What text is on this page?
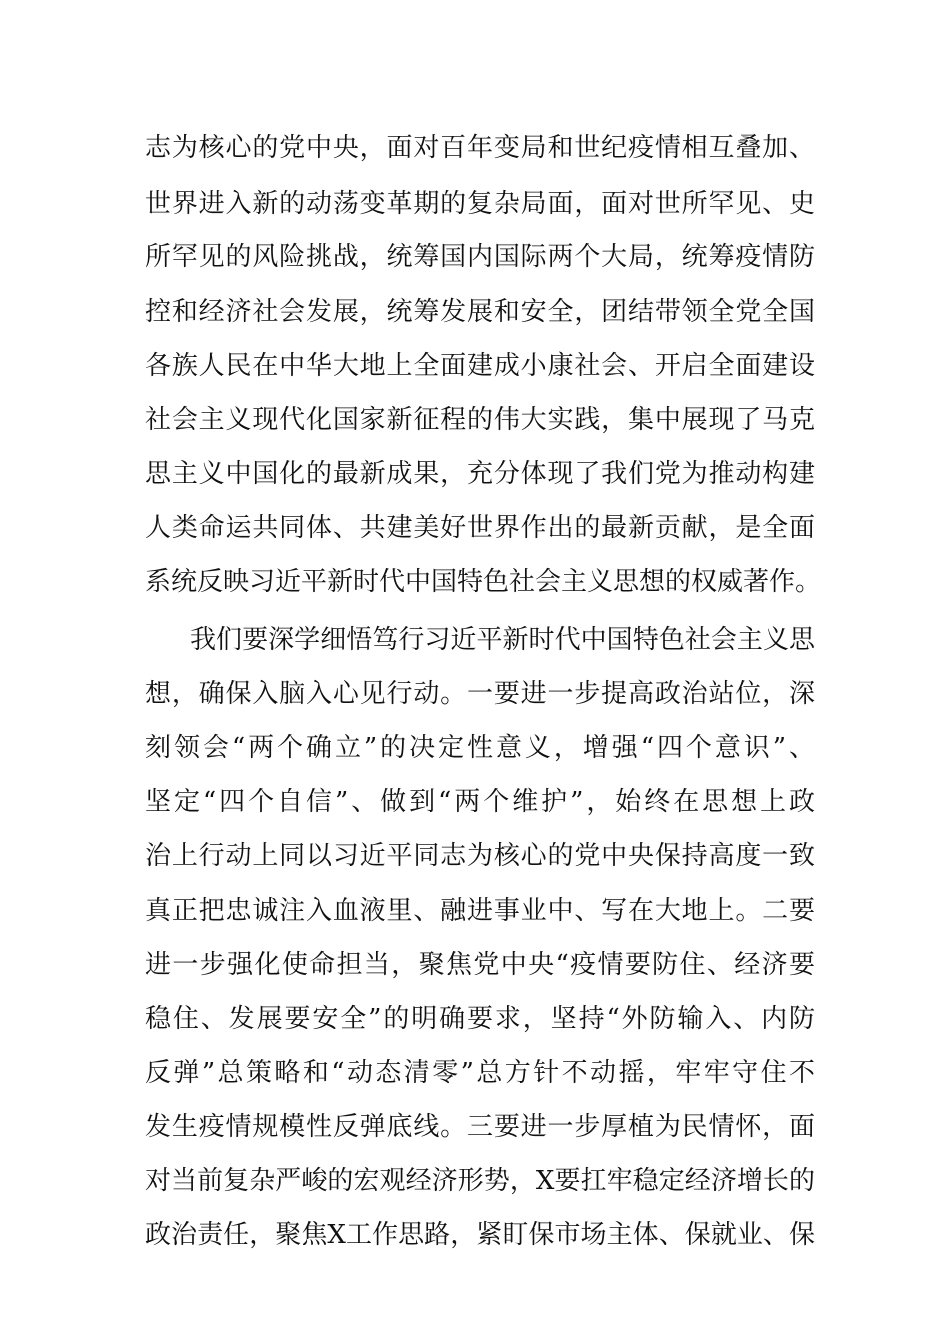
志为核心的党中央，面对百年变局和世纪疫情相互叠加、
世界进入新的动荡变革期的复杂局面，面对世所罕见、史
所罕见的风险挑战，统筹国内国际两个大局，统筹疫情防
控和经济社会发展，统筹发展和安全，团结带领全党全国
各族人民在中华大地上全面建成小康社会、开启全面建设
社会主义现代化国家新征程的伟大实践，集中展现了马克
思主义中国化的最新成果，充分体现了我们党为推动构建
人类命运共同体、共建美好世界作出的最新贡献，是全面
系统反映习近平新时代中国特色社会主义思想的权威著作。
我们要深学细悟笃行习近平新时代中国特色社会主义思
想，确保入脑入心见行动。一要进一步提高政治站位，深
刻领会“两个确立”的决定性意义，增强“四个意识”、
坚定“四个自信”、做到“两个维护”，始终在思想上政
治上行动上同以习近平同志为核心的党中央保持高度一致
真正把忠诚注入血液里、融进事业中、写在大地上。二要
进一步强化使命担当，聚焦党中央“疫情要防住、经济要
稳住、发展要安全”的明确要求，坚持“外防输入、内防
反弹”总策略和“动态清零”总方针不动摇，牢牢守住不
发生疫情规模性反弹底线。三要进一步厚植为民情怀，面
对当前复杂严峻的宏观经济形势，X要扛牢稳定经济增长的
政治责任，聚焦X工作思路，紧盯保市场主体、保就业、保
